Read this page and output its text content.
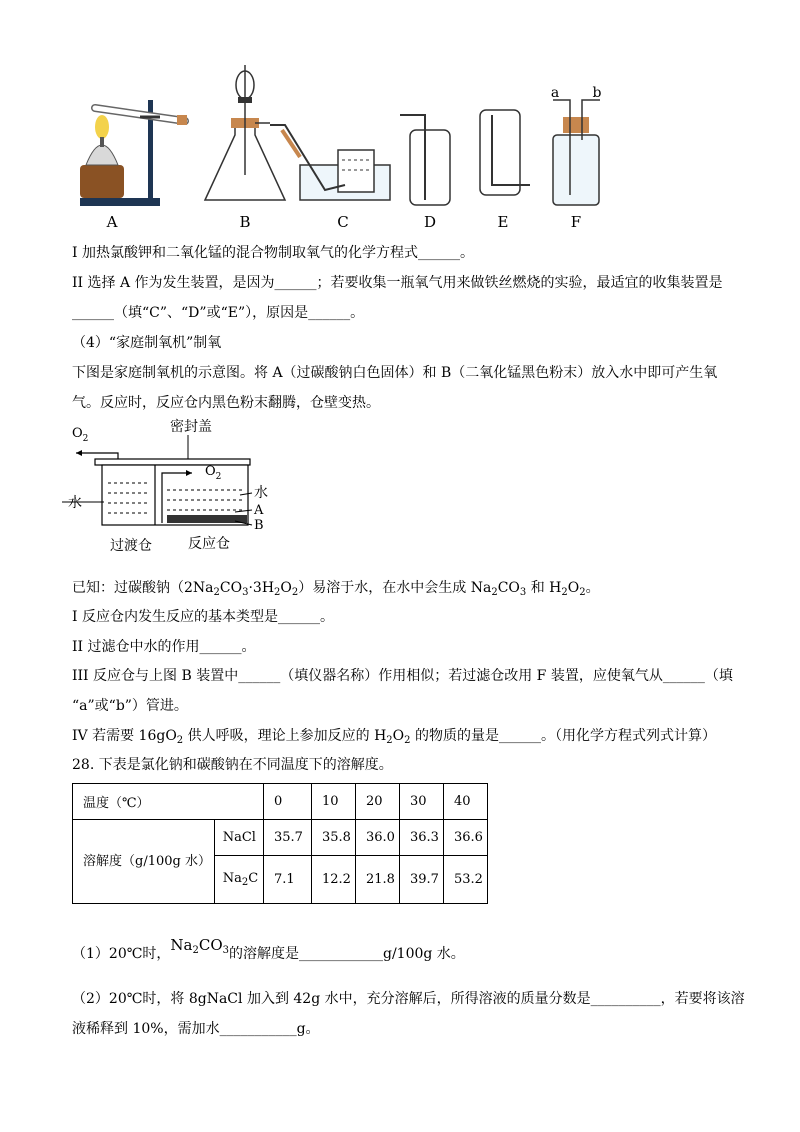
A	B	C	D	E
a b
F
I 加热氯酸钾和二氧化锰的混合物制取氧气的化学方程式______。
II 选择 A 作为发生装置，是因为______；若要收集一瓶氧气用来做铁丝燃烧的实验，最适宜的收集装置是
______（填“C”、“D”或“E”），原因是______。
（4）“家庭制氧机”制氧
下图是家庭制氧机的示意图。将 A（过碳酸钠白色固体）和 B（二氧化锰黑色粉末）放入水中即可产生氧
气。反应时，反应仓内黑色粉末翻腾，仓壁变热。
$O_2$
密封盖
$O_2$
水
水
A
B
过渡仓	反应仓
已知：过碳酸钠$(2Na_2CO_3\cdot 3H_2O_2)$易溶于水，在水中会生成 $Na_2CO_3$ 和 $H_2O_2$。
I 反应仓内发生反应的基本类型是______。
II 过滤仓中水的作用______。
III 反应仓与上图 B 装置中______（填仪器名称）作用相似；若过滤仓改用 F 装置，应使氧气从______（填
“a”或“b”）管进。
IV 若需要 $16gO_2$ 供人呼吸，理论上参加反应的 $H_2O_2$ 的物质的量是______。（用化学方程式列式计算）
28. 下表是氯化钠和碳酸钠在不同温度下的溶解度。
温度（℃）		0	10	20	30	40
溶解度（g/100g 水）	NaCl	35.7	35.8	36.0	36.3	36.6
	$Na_2C$	7.1	12.2	21.8	39.7	53.2
（1）20℃时，$Na_2CO_3$的溶解度是____________g/100g 水。
（2）20℃时，将 8gNaCl 加入到 42g 水中，充分溶解后，所得溶液的质量分数是__________，若要将该溶
液稀释到 10%，需加水___________g。
